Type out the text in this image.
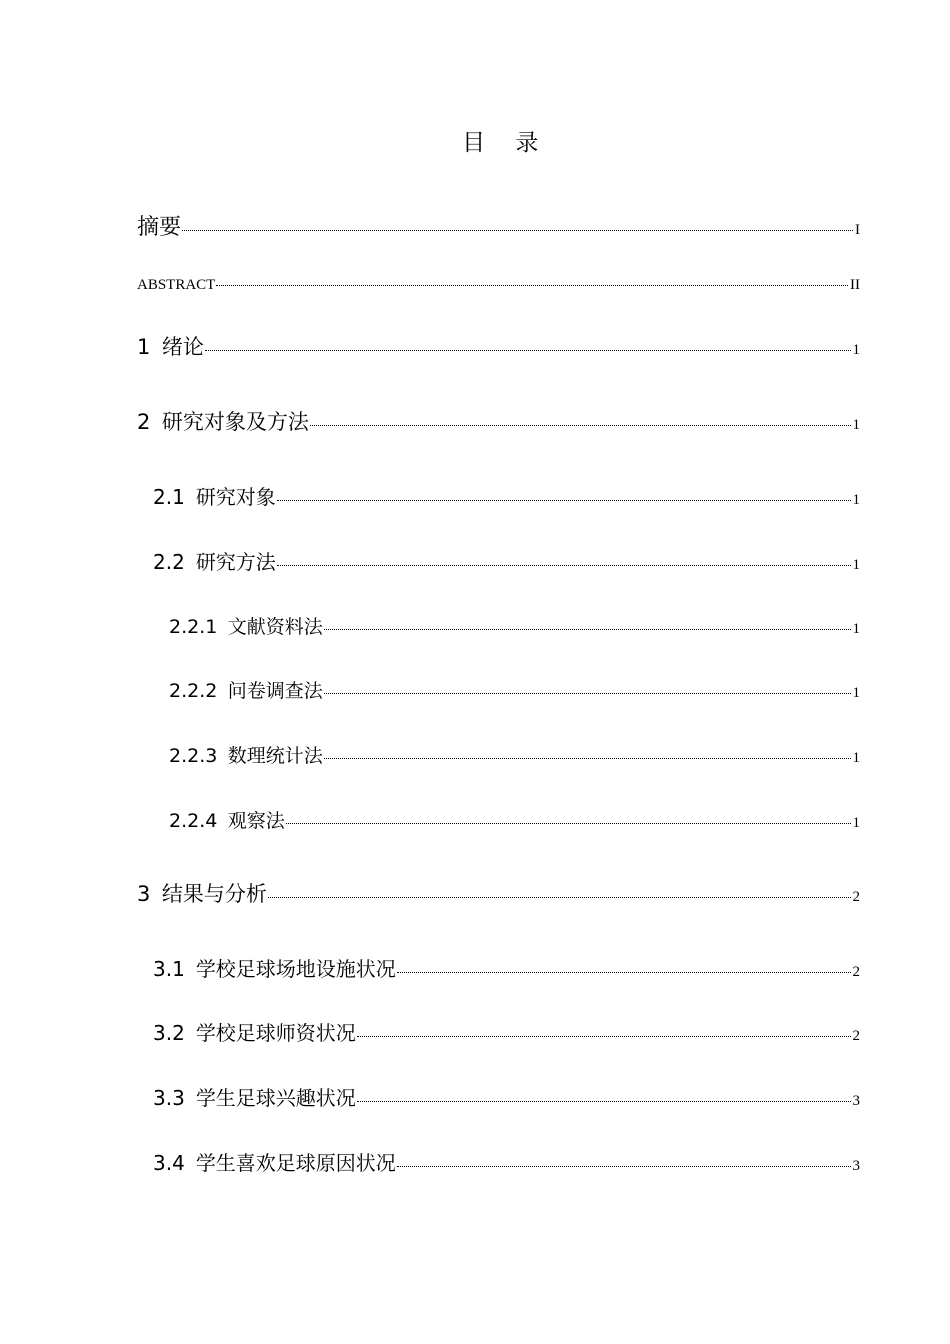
目 录
摘要	I
ABSTRACT	II
1 绪论	1
2 研究对象及方法	1
2.1 研究对象	1
2.2 研究方法	1
2.2.1 文献资料法	1
2.2.2 问卷调查法	1
2.2.3 数理统计法	1
2.2.4 观察法	1
3 结果与分析	2
3.1 学校足球场地设施状况	2
3.2 学校足球师资状况	2
3.3 学生足球兴趣状况	3
3.4 学生喜欢足球原因状况	3
